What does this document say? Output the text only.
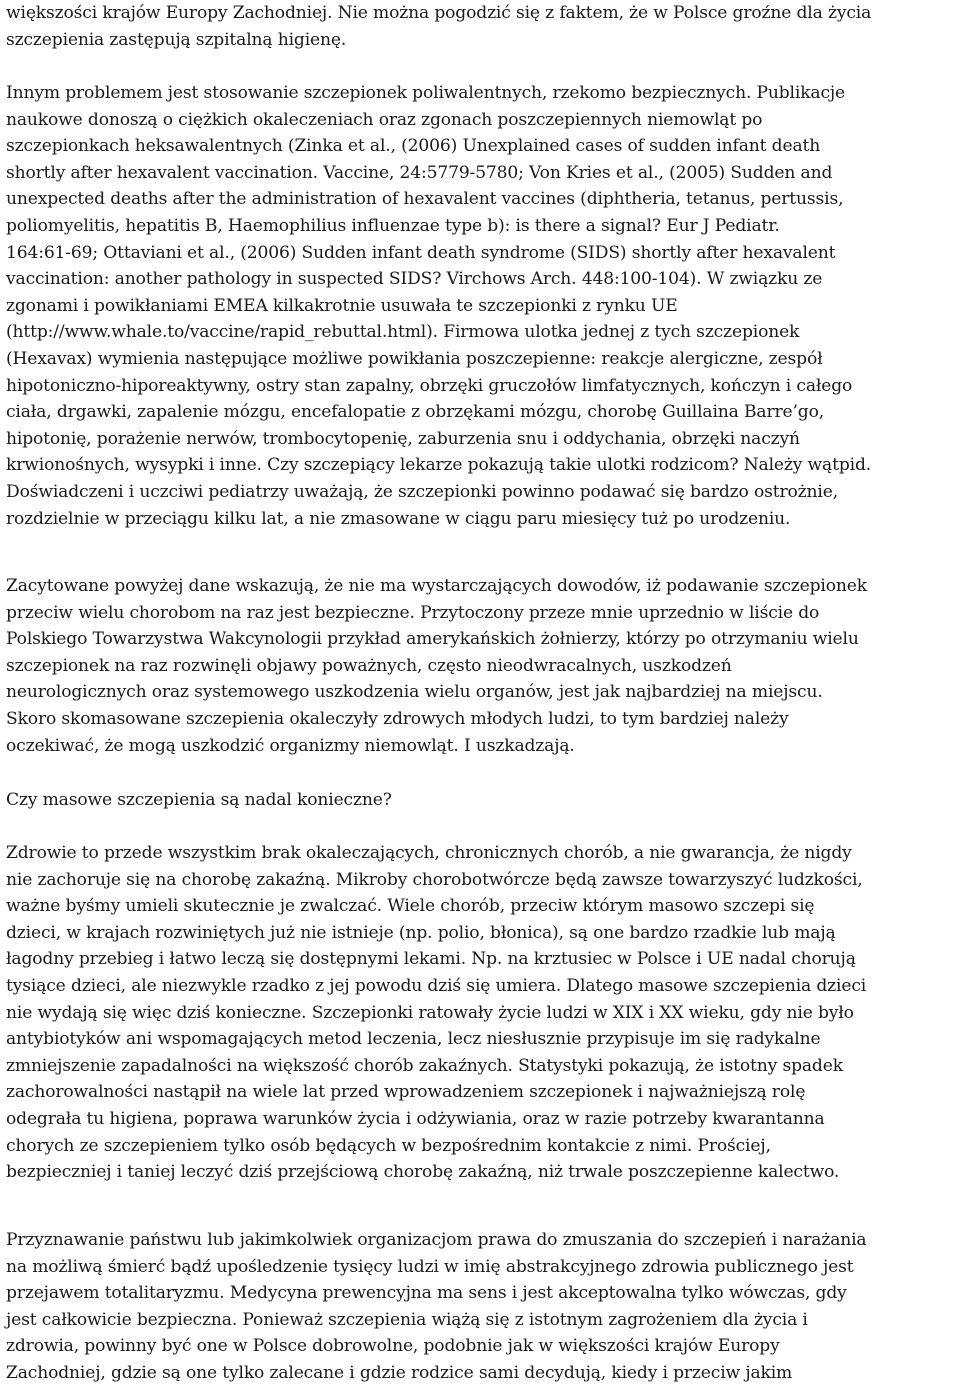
większości krajów Europy Zachodniej. Nie można pogodzić się z faktem, że w Polsce groźne dla życia
szczepienia zastępują szpitalną higienę.

Innym problemem jest stosowanie szczepionek poliwalentnych, rzekomo bezpiecznych. Publikacje
naukowe donoszą o ciężkich okaleczeniach oraz zgonach poszczepiennych niemowląt po
szczepionkach heksawalentnych (Zinka et al., (2006) Unexplained cases of sudden infant death
shortly after hexavalent vaccination. Vaccine, 24:5779-5780; Von Kries et al., (2005) Sudden and
unexpected deaths after the administration of hexavalent vaccines (diphtheria, tetanus, pertussis,
poliomyelitis, hepatitis B, Haemophilius influenzae type b): is there a signal? Eur J Pediatr.
164:61-69; Ottaviani et al., (2006) Sudden infant death syndrome (SIDS) shortly after hexavalent
vaccination: another pathology in suspected SIDS? Virchows Arch. 448:100-104). W związku ze
zgonami i powikłaniami EMEA kilkakrotnie usuwała te szczepionki z rynku UE
(http://www.whale.to/vaccine/rapid_rebuttal.html). Firmowa ulotka jednej z tych szczepionek
(Hexavax) wymienia następujące możliwe powikłania poszczepienne: reakcje alergiczne, zespół
hipotoniczno-hiporeaktywny, ostry stan zapalny, obrzęki gruczołów limfatycznych, kończyn i całego
ciała, drgawki, zapalenie mózgu, encefalopatie z obrzękami mózgu, chorobę Guillaina Barre’go,
hipotonię, porażenie nerwów, trombocytopenię, zaburzenia snu i oddychania, obrzęki naczyń
krwionośnych, wysypki i inne. Czy szczepiący lekarze pokazują takie ulotki rodzicom? Należy wątpid.
Doświadczeni i uczciwi pediatrzy uważają, że szczepionki powinno podawać się bardzo ostrożnie,
rozdzielnie w przeciągu kilku lat, a nie zmasowane w ciągu paru miesięcy tuż po urodzeniu.

Zacytowane powyżej dane wskazują, że nie ma wystarczających dowodów, iż podawanie szczepionek
przeciw wielu chorobom na raz jest bezpieczne. Przytoczony przeze mnie uprzednio w liście do
Polskiego Towarzystwa Wakcynologii przykład amerykańskich żołnierzy, którzy po otrzymaniu wielu
szczepionek na raz rozwinęli objawy poważnych, często nieodwracalnych, uszkodzeń
neurologicznych oraz systemowego uszkodzenia wielu organów, jest jak najbardziej na miejscu.
Skoro skomasowane szczepienia okaleczyły zdrowych młodych ludzi, to tym bardziej należy
oczekiwać, że mogą uszkodzić organizmy niemowląt. I uszkadzają.

Czy masowe szczepienia są nadal konieczne?

Zdrowie to przede wszystkim brak okaleczających, chronicznych chorób, a nie gwarancja, że nigdy
nie zachoruje się na chorobę zakaźną. Mikroby chorobotwórcze będą zawsze towarzyszyć ludzkości,
ważne byśmy umieli skutecznie je zwalczać. Wiele chorób, przeciw którym masowo szczepi się
dzieci, w krajach rozwiniętych już nie istnieje (np. polio, błonica), są one bardzo rzadkie lub mają
łagodny przebieg i łatwo leczą się dostępnymi lekami. Np. na krztusiec w Polsce i UE nadal chorują
tysiące dzieci, ale niezwykle rzadko z jej powodu dziś się umiera. Dlatego masowe szczepienia dzieci
nie wydają się więc dziś konieczne. Szczepionki ratowały życie ludzi w XIX i XX wieku, gdy nie było
antybiotyków ani wspomagających metod leczenia, lecz niesłusznie przypisuje im się radykalne
zmniejszenie zapadalności na większość chorób zakaźnych. Statystyki pokazują, że istotny spadek
zachorowalności nastąpił na wiele lat przed wprowadzeniem szczepionek i najważniejszą rolę
odegrała tu higiena, poprawa warunków życia i odżywiania, oraz w razie potrzeby kwarantanna
chorych ze szczepieniem tylko osób będących w bezpośrednim kontakcie z nimi. Prościej,
bezpieczniej i taniej leczyć dziś przejściową chorobę zakaźną, niż trwale poszczepienne kalectwo.

Przyznawanie państwu lub jakimkolwiek organizacjom prawa do zmuszania do szczepień i narażania
na możliwą śmierć bądź upośledzenie tysięcy ludzi w imię abstrakcyjnego zdrowia publicznego jest
przejawem totalitaryzmu. Medycyna prewencyjna ma sens i jest akceptowalna tylko wówczas, gdy
jest całkowicie bezpieczna. Ponieważ szczepienia wiążą się z istotnym zagrożeniem dla życia i
zdrowia, powinny być one w Polsce dobrowolne, podobnie jak w większości krajów Europy
Zachodniej, gdzie są one tylko zalecane i gdzie rodzice sami decydują, kiedy i przeciw jakim
